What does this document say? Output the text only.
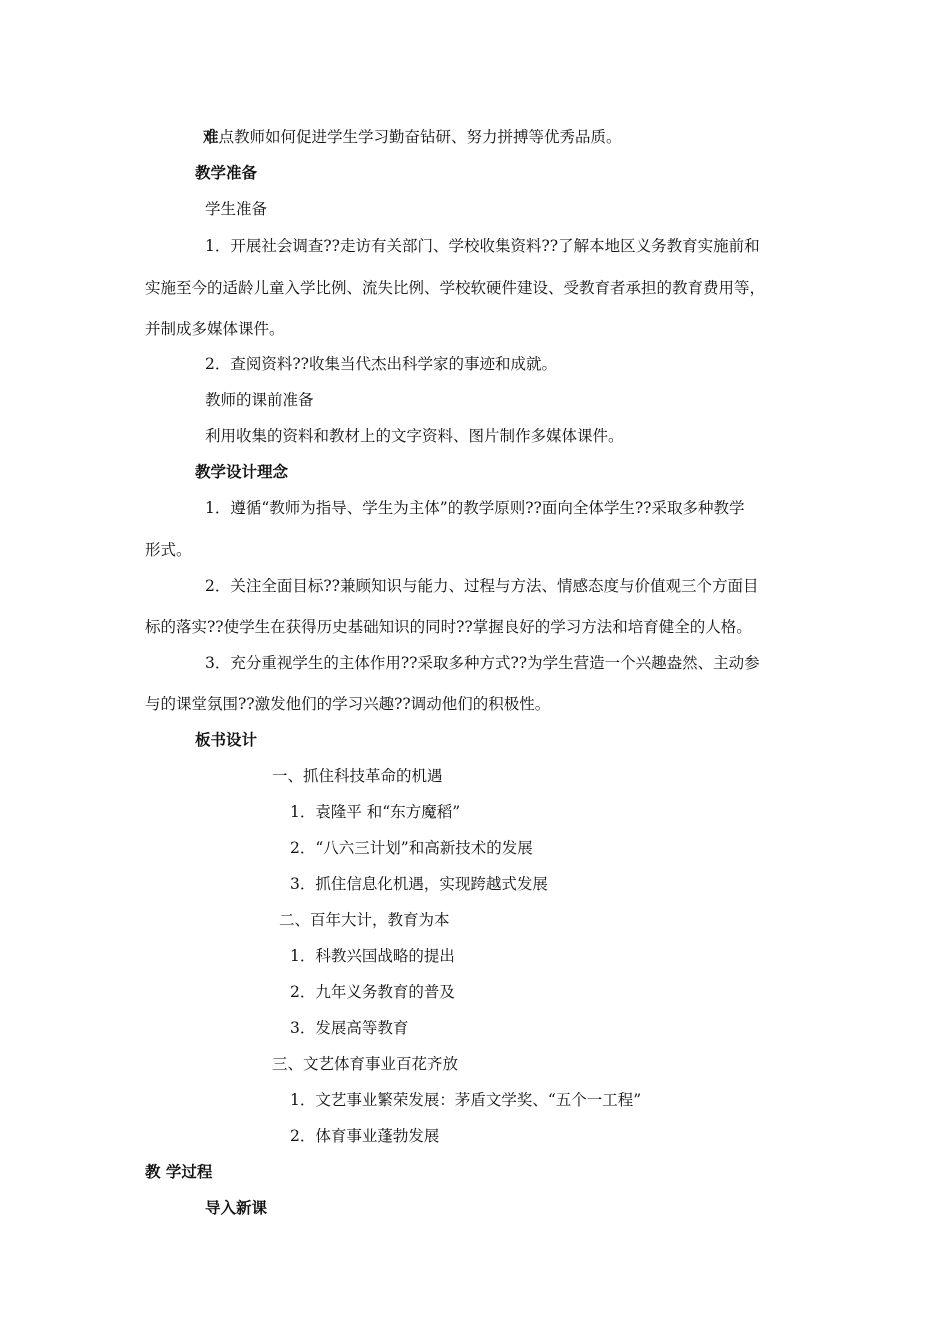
难点教师如何促进学生学习勤奋钻研、努力拼搏等优秀品质。
教学准备
学生准备
1．开展社会调查??走访有关部门、学校收集资料??了解本地区义务教育实施前和
实施至今的适龄儿童入学比例、流失比例、学校软硬件建设、受教育者承担的教育费用等，
并制成多媒体课件。
2．查阅资料??收集当代杰出科学家的事迹和成就。
教师的课前准备
利用收集的资料和教材上的文字资料、图片制作多媒体课件。
教学设计理念
1．遵循“教师为指导、学生为主体”的教学原则??面向全体学生??采取多种教学
形式。
2．关注全面目标??兼顾知识与能力、过程与方法、情感态度与价值观三个方面目
标的落实??使学生在获得历史基础知识的同时??掌握良好的学习方法和培育健全的人格。
3．充分重视学生的主体作用??采取多种方式??为学生营造一个兴趣盎然、主动参
与的课堂氛围??激发他们的学习兴趣??调动他们的积极性。
板书设计
一、抓住科技革命的机遇
1．袁隆平 和“东方魔稻”
2．“八六三计划”和高新技术的发展
3．抓住信息化机遇，实现跨越式发展
二、百年大计，教育为本
1．科教兴国战略的提出
2．九年义务教育的普及
3．发展高等教育
三、文艺体育事业百花齐放
1．文艺事业繁荣发展：茅盾文学奖、“五个一工程”
2．体育事业蓬勃发展
教 学过程
导入新课
